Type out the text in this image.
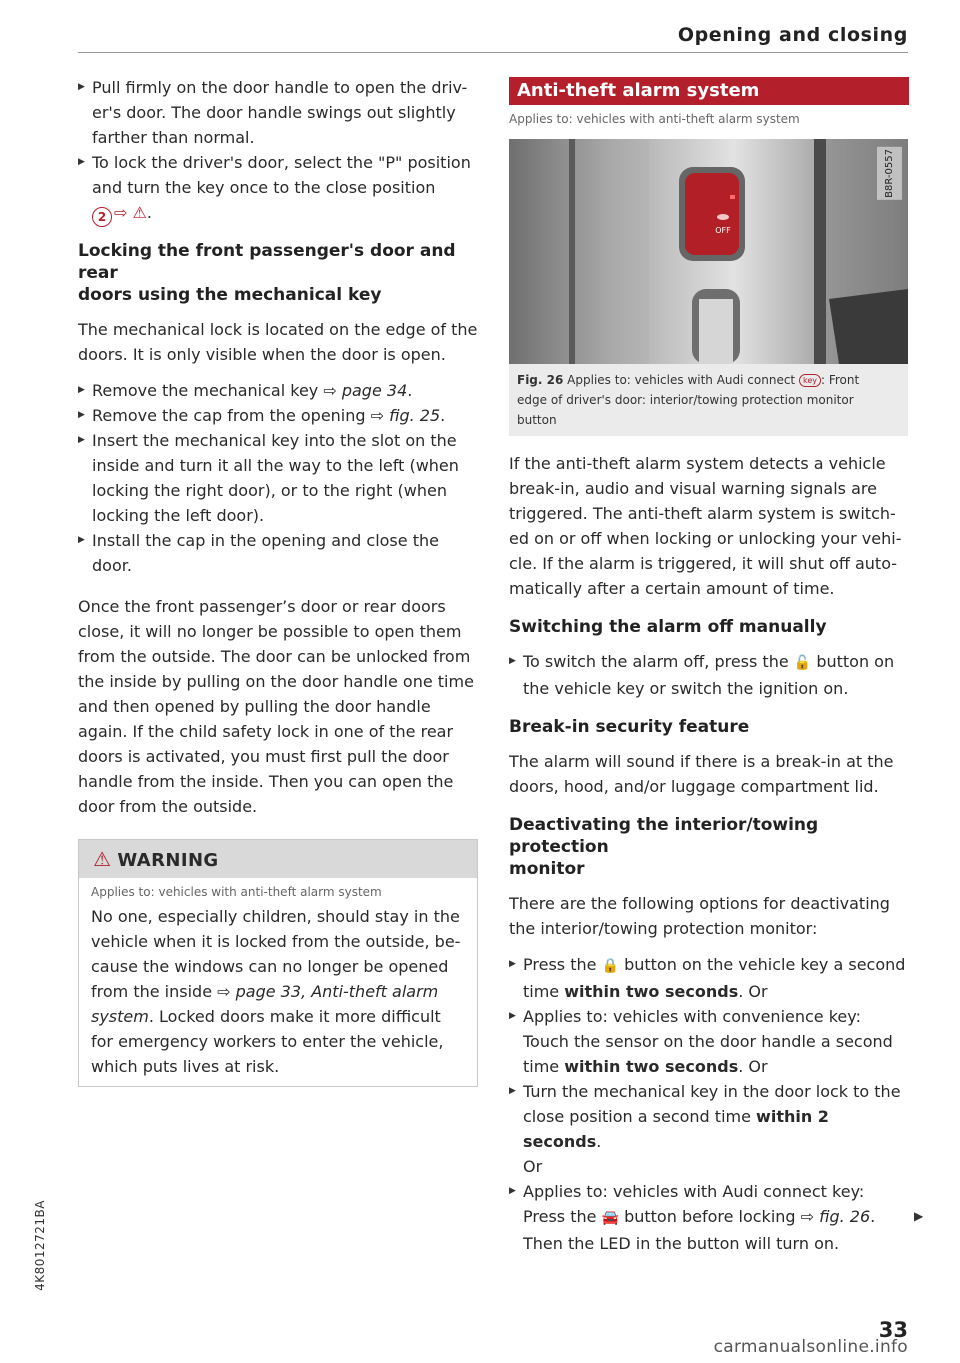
Opening and closing
▶ Pull firmly on the door handle to open the driv-
er's door. The door handle swings out slightly
farther than normal.
▶ To lock the driver's door, select the "P" position
and turn the key once to the close position
2 ⇨ ⚠.
Locking the front passenger's door and rear
doors using the mechanical key
The mechanical lock is located on the edge of the
doors. It is only visible when the door is open.
▶ Remove the mechanical key ⇨ page 34.
▶ Remove the cap from the opening ⇨ fig. 25.
▶ Insert the mechanical key into the slot on the
inside and turn it all the way to the left (when
locking the right door), or to the right (when
locking the left door).
▶ Install the cap in the opening and close the
door.
Once the front passenger’s door or rear doors
close, it will no longer be possible to open them
from the outside. The door can be unlocked from
the inside by pulling on the door handle one time
and then opened by pulling the door handle
again. If the child safety lock in one of the rear
doors is activated, you must first pull the door
handle from the inside. Then you can open the
door from the outside.
⚠ WARNING
Applies to: vehicles with anti-theft alarm system
No one, especially children, should stay in the
vehicle when it is locked from the outside, be-
cause the windows can no longer be opened
from the inside ⇨ page 33, Anti-theft alarm
system. Locked doors make it more difficult
for emergency workers to enter the vehicle,
which puts lives at risk.
Anti-theft alarm system
Applies to: vehicles with anti-theft alarm system
OFF
B8R-0557
Fig. 26 Applies to: vehicles with Audi connect key : Front
edge of driver's door: interior/towing protection monitor
button
If the anti-theft alarm system detects a vehicle
break-in, audio and visual warning signals are
triggered. The anti-theft alarm system is switch-
ed on or off when locking or unlocking your vehi-
cle. If the alarm is triggered, it will shut off auto-
matically after a certain amount of time.
Switching the alarm off manually
▶ To switch the alarm off, press the 🔓 button on
the vehicle key or switch the ignition on.
Break-in security feature
The alarm will sound if there is a break-in at the
doors, hood, and/or luggage compartment lid.
Deactivating the interior/towing protection
monitor
There are the following options for deactivating
the interior/towing protection monitor:
▶ Press the 🔒 button on the vehicle key a second
time within two seconds. Or
▶ Applies to: vehicles with convenience key:
Touch the sensor on the door handle a second
time within two seconds. Or
▶ Turn the mechanical key in the door lock to the
close position a second time within 2 seconds.
Or
▶ Applies to: vehicles with Audi connect key:
Press the 🚘 button before locking ⇨ fig. 26.
Then the LED in the button will turn on.
▶
4K8012721BA
33
carmanualsonline.info
